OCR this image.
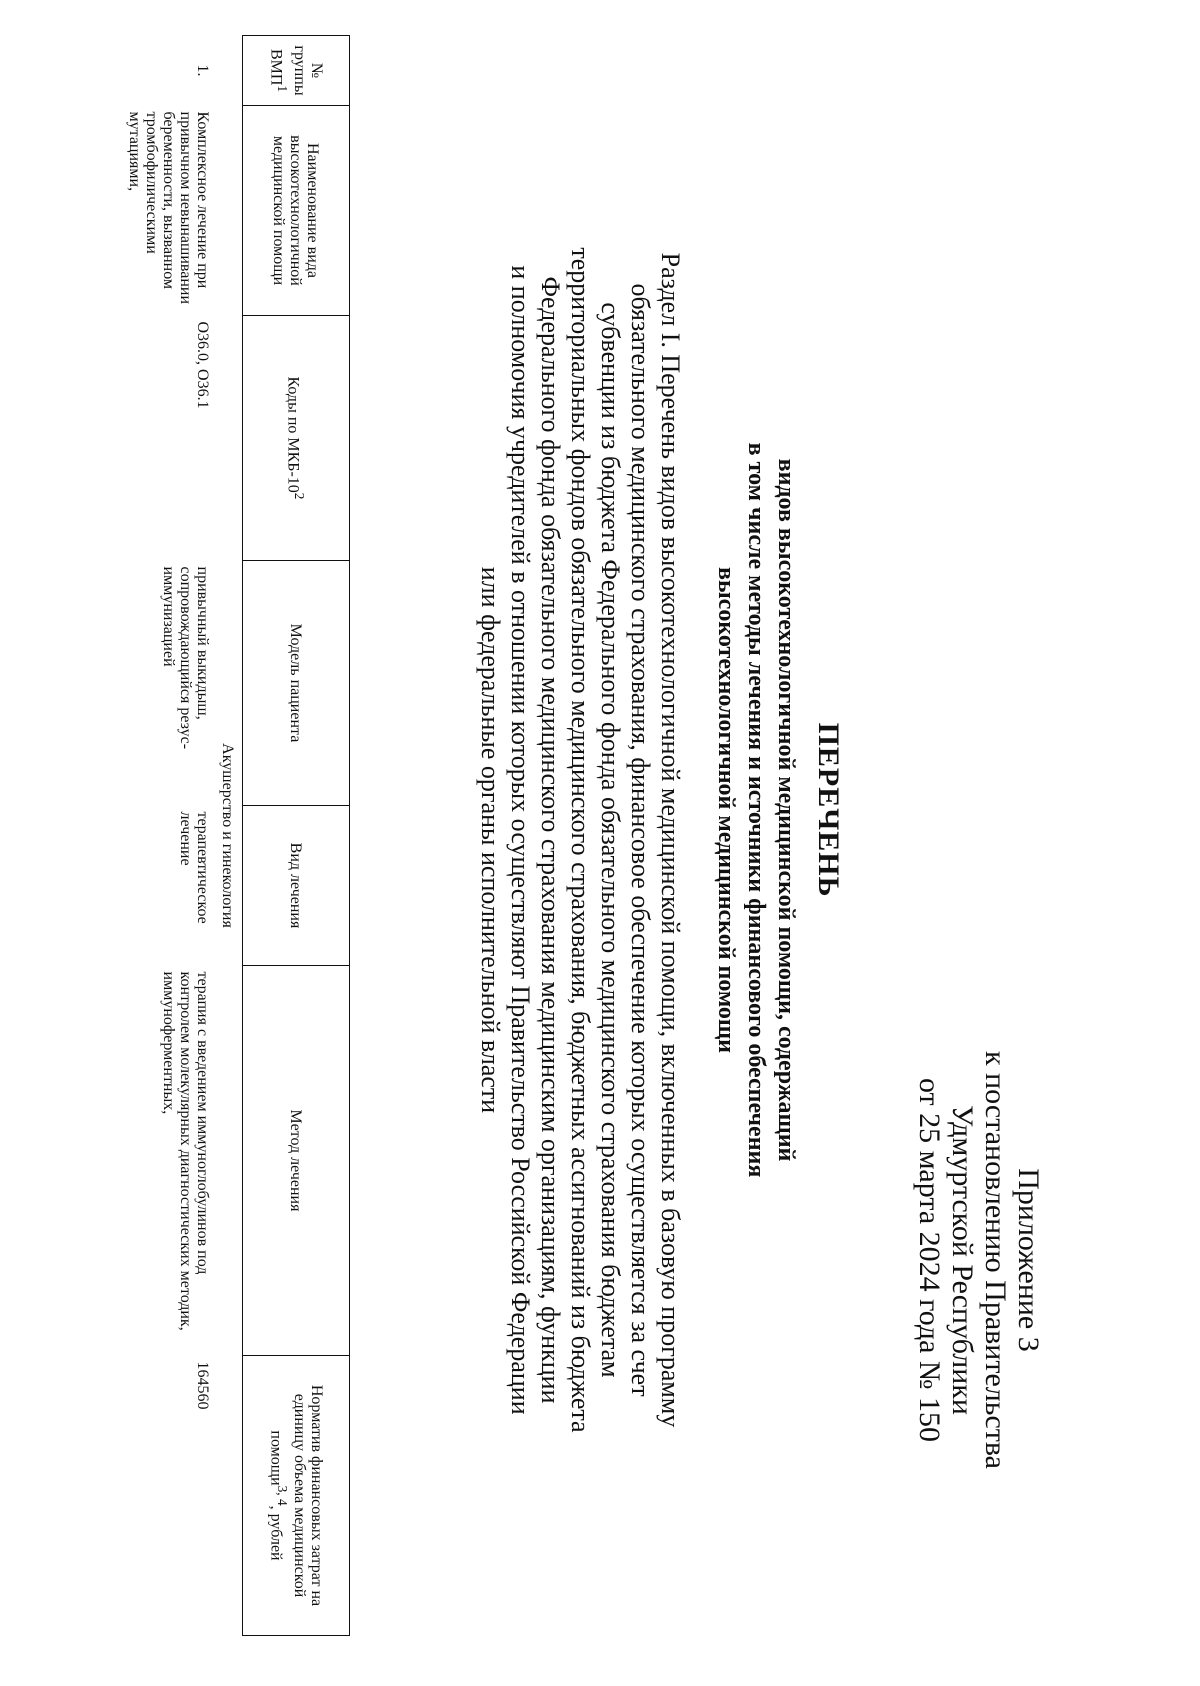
Приложение 3
к постановлению Правительства
Удмуртской Республики
от 25 марта 2024 года № 150
ПЕРЕЧЕНЬ
видов высокотехнологичной медицинской помощи, содержащий
в том числе методы лечения и источники финансового обеспечения
высокотехнологичной медицинской помощи
Раздел I. Перечень видов высокотехнологичной медицинской помощи, включенных в базовую программу
обязательного медицинского страхования, финансовое обеспечение которых осуществляется за счет
субвенции из бюджета Федерального фонда обязательного медицинского страхования бюджетам
территориальных фондов обязательного медицинского страхования, бюджетных ассигнований из бюджета
Федерального фонда обязательного медицинского страхования медицинским организациям, функции
и полномочия учредителей в отношении которых осуществляют Правительство Российской Федерации
или федеральные органы исполнительной власти
№ группы ВМП$^1$	Наименование вида высокотехнологичной медицинской помощи	Коды по МКБ-$10^2$	Модель пациента	Вид лечения	Метод лечения	Норматив финансовых затрат на единицу объема медицинской помощи$^{3, 4}$, рублей
Акушерство и гинекология						
1.	Комплексное лечение при привычном невынашивании беременности, вызванном тромбофилическими мутациями,	О36.0, О36.1	привычный выкидыш, сопровождающийся резус-иммунизацией	терапевтическое лечение	терапия с введением иммуноглобулинов под контролем молекулярных диагностических методик, иммуноферментных,	164560
